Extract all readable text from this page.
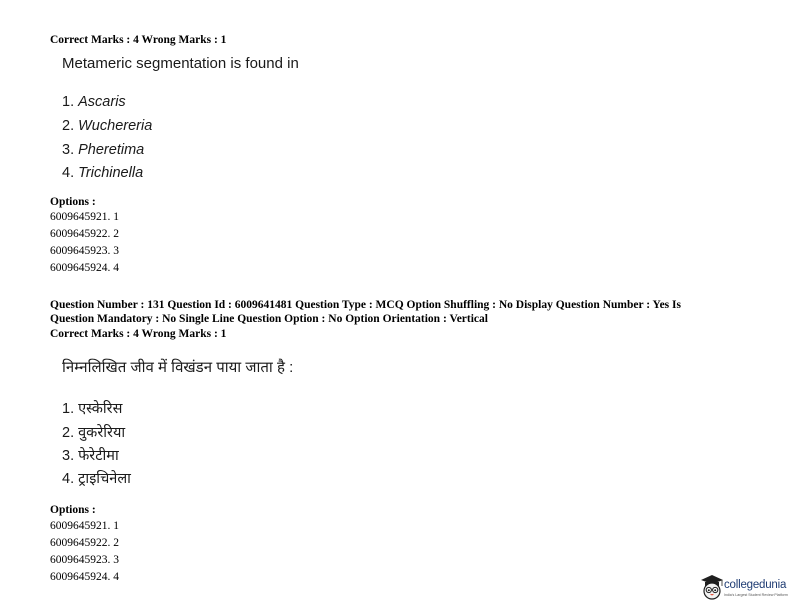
Correct Marks : 4 Wrong Marks : 1
Metameric segmentation is found in
1. Ascaris
2. Wuchereria
3. Pheretima
4. Trichinella
Options :
6009645921. 1
6009645922. 2
6009645923. 3
6009645924. 4
Question Number : 131 Question Id : 6009641481 Question Type : MCQ Option Shuffling : No Display Question Number : Yes Is
Question Mandatory : No Single Line Question Option : No Option Orientation : Vertical
Correct Marks : 4 Wrong Marks : 1
निम्नलिखित जीव में विखंडन पाया जाता है :
1. एस्केरिस
2. वुकरेरिया
3. फेरेटीमा
4. ट्राइचिनेला
Options :
6009645921. 1
6009645922. 2
6009645923. 3
6009645924. 4
collegedunia
India's Largest Student Review Platform
